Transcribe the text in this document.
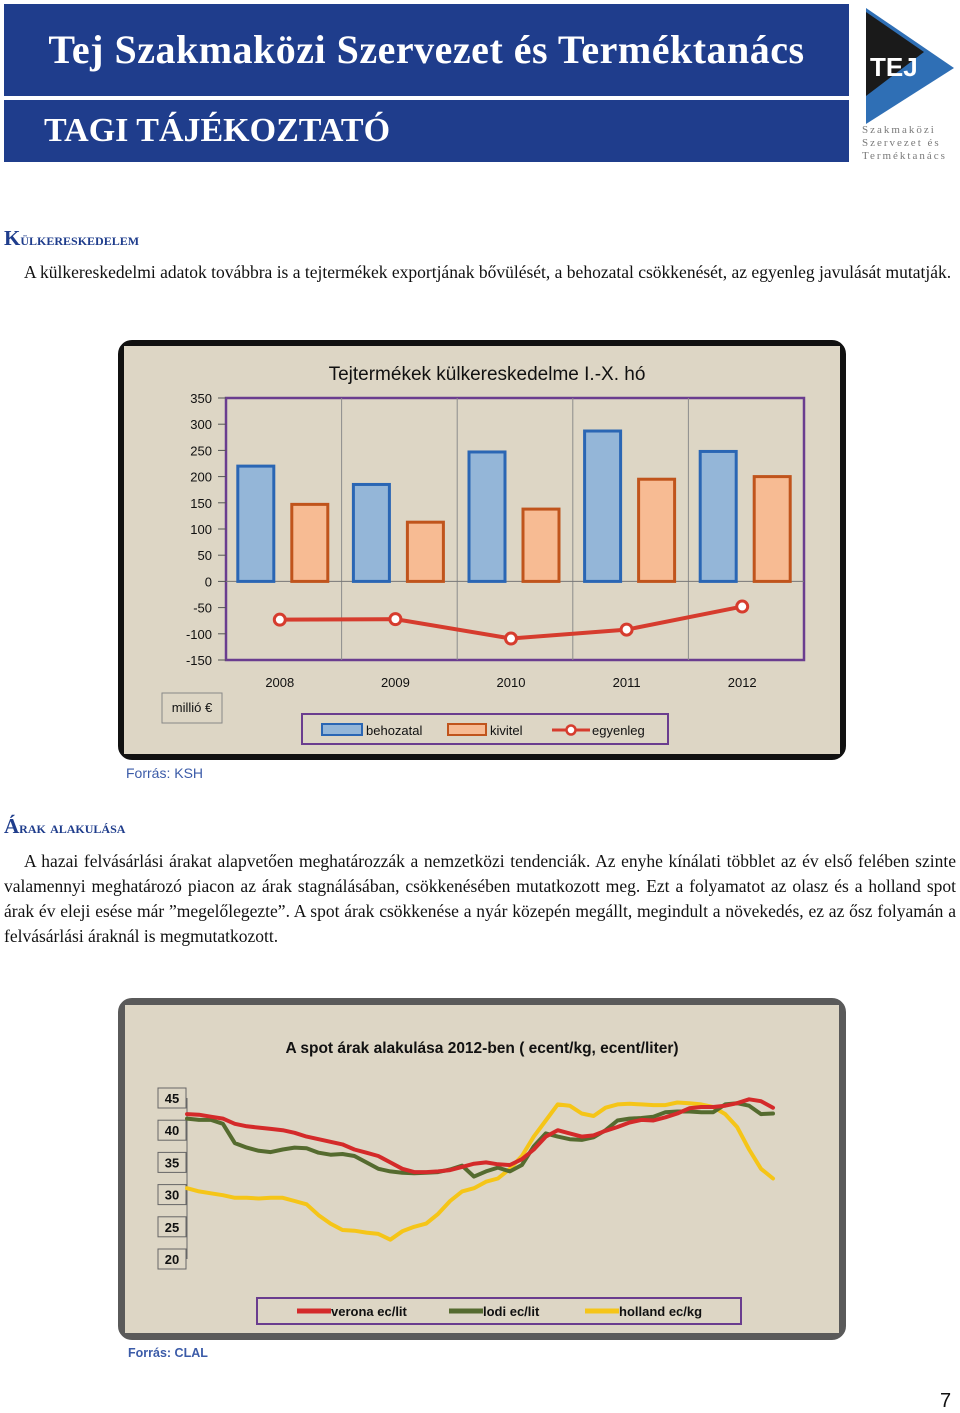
Tej Szakmaközi Szervezet és Terméktanács
TAGI TÁJÉKOZTATÓ
TEJ
Szakmaközi
Szervezet és
Terméktanács
Külkereskedelem
A külkereskedelmi adatok továbbra is a tejtermékek exportjának bővülését, a behozatal csökkenését, az egyenleg javulását mutatják.
Tejtermékek külkereskedelme I.-X. hó
350
300
250
200
150
100
50
0
-50
-100
-150
2008	2009	2010	2011	2012
millió €
behozatal	kivitel	egyenleg
Forrás: KSH
Árak alakulása
A hazai felvásárlási árakat alapvetően meghatározzák a nemzetközi tendenciák. Az enyhe kínálati többlet az év első felében szinte valamennyi meghatározó piacon az árak stagnálásában, csökkenésében mutatkozott meg. Ezt a folyamatot az olasz és a holland spot árak év eleji esése már ”megelőlegezte”. A spot árak csökkenése a nyár közepén megállt, megindult a növekedés, ez az ősz folyamán a felvásárlási áraknál is megmutatkozott.
A spot árak alakulása 2012-ben ( ecent/kg, ecent/liter)
45
40
35
30
25
20
verona ec/lit	lodi ec/lit	holland ec/kg
Forrás: CLAL
7
